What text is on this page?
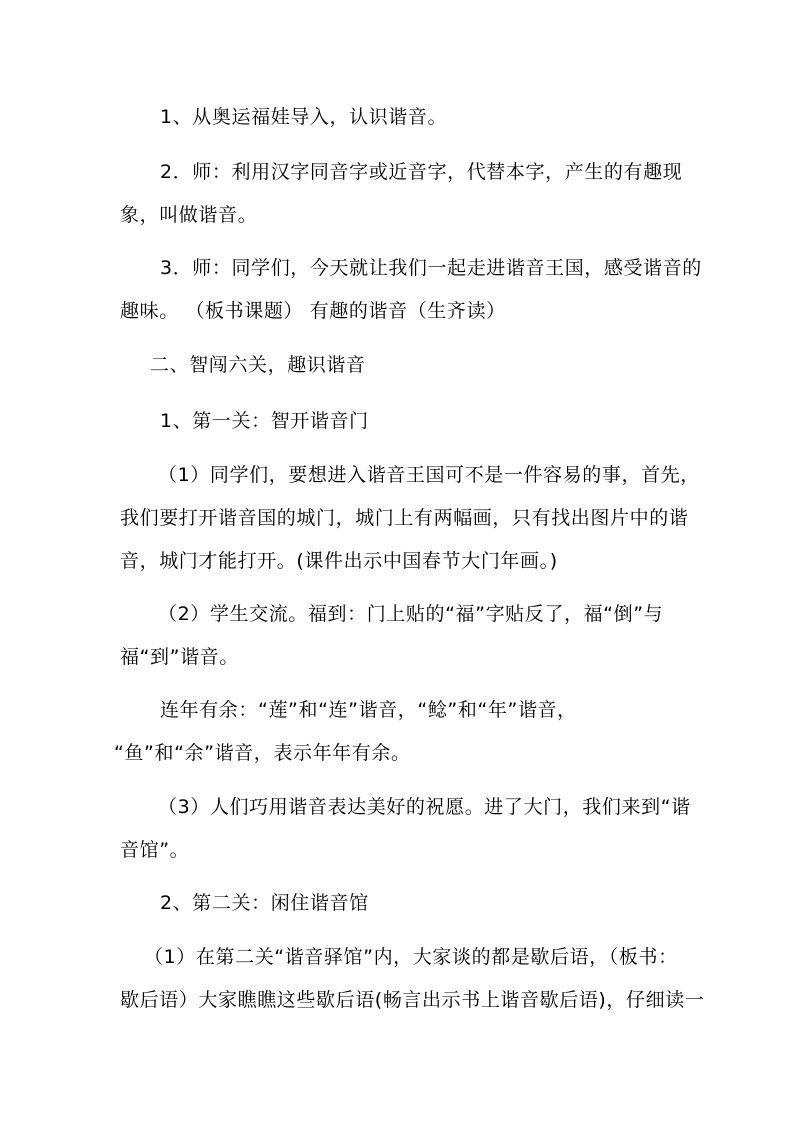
1、从奥运福娃导入，认识谐音。
2．师：利用汉字同音字或近音字，代替本字，产生的有趣现
象，叫做谐音。
3．师：同学们，今天就让我们一起走进谐音王国，感受谐音的
趣味。 （板书课题） 有趣的谐音（生齐读）
二、智闯六关，趣识谐音
1、第一关：智开谐音门
（1）同学们，要想进入谐音王国可不是一件容易的事，首先，
我们要打开谐音国的城门，城门上有两幅画，只有找出图片中的谐
音，城门才能打开。(课件出示中国春节大门年画。)
（2）学生交流。福到：门上贴的“福”字贴反了，福“倒”与
福“到”谐音。
连年有余：“莲”和“连”谐音，“鲶”和“年”谐音，
“鱼”和“余”谐音，表示年年有余。
（3）人们巧用谐音表达美好的祝愿。进了大门，我们来到“谐
音馆”。
2、第二关：闲住谐音馆
（1）在第二关“谐音驿馆”内，大家谈的都是歇后语，（板书：
歇后语）大家瞧瞧这些歇后语(畅言出示书上谐音歇后语)，仔细读一
